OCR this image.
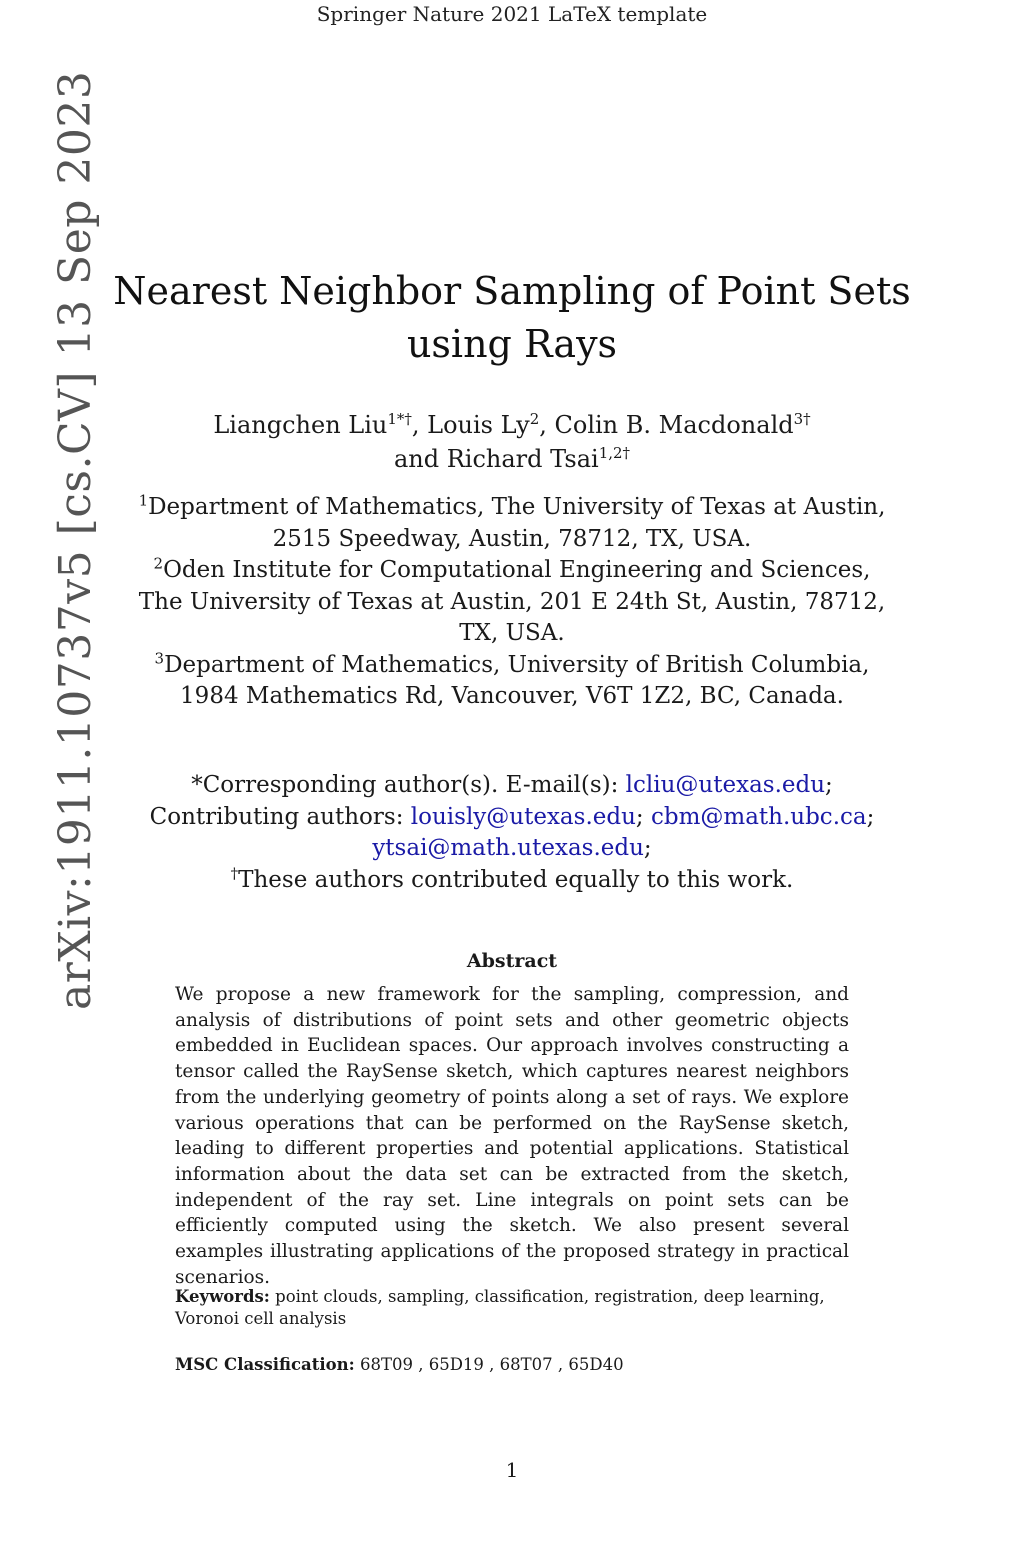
Springer Nature 2021 LaTeX template
arXiv:1911.10737v5 [cs.CV] 13 Sep 2023 Nearest Neighbor Sampling of Point Sets
using Rays
Liangchen Liu$^{1*\dagger}$, Louis Ly$^2$, Colin B. Macdonald$^{3\dagger}$
and Richard Tsai$^{1,2\dagger}$
$^1$Department of Mathematics, The University of Texas at Austin,
2515 Speedway, Austin, 78712, TX, USA.
$^2$Oden Institute for Computational Engineering and Sciences,
The University of Texas at Austin, 201 E 24th St, Austin, 78712,
TX, USA.
$^3$Department of Mathematics, University of British Columbia,
1984 Mathematics Rd, Vancouver, V6T 1Z2, BC, Canada.
*Corresponding author(s). E-mail(s): lcliu@utexas.edu;
Contributing authors: louisly@utexas.edu; cbm@math.ubc.ca;
ytsai@math.utexas.edu;
†These authors contributed equally to this work.
Abstract
We propose a new framework for the sampling, compression, and analysis of distributions of point sets and other geometric objects embedded in Euclidean spaces. Our approach involves constructing a tensor called the RaySense sketch, which captures nearest neighbors from the underlying geometry of points along a set of rays. We explore various operations that can be performed on the RaySense sketch, leading to different properties and potential applications. Statistical information about the data set can be extracted from the sketch, independent of the ray set. Line integrals on point sets can be efficiently computed using the sketch. We also present several examples illustrating applications of the proposed strategy in practical scenarios.
Keywords: point clouds, sampling, classification, registration, deep learning, Voronoi cell analysis
MSC Classification: 68T09 , 65D19 , 68T07 , 65D40
1
